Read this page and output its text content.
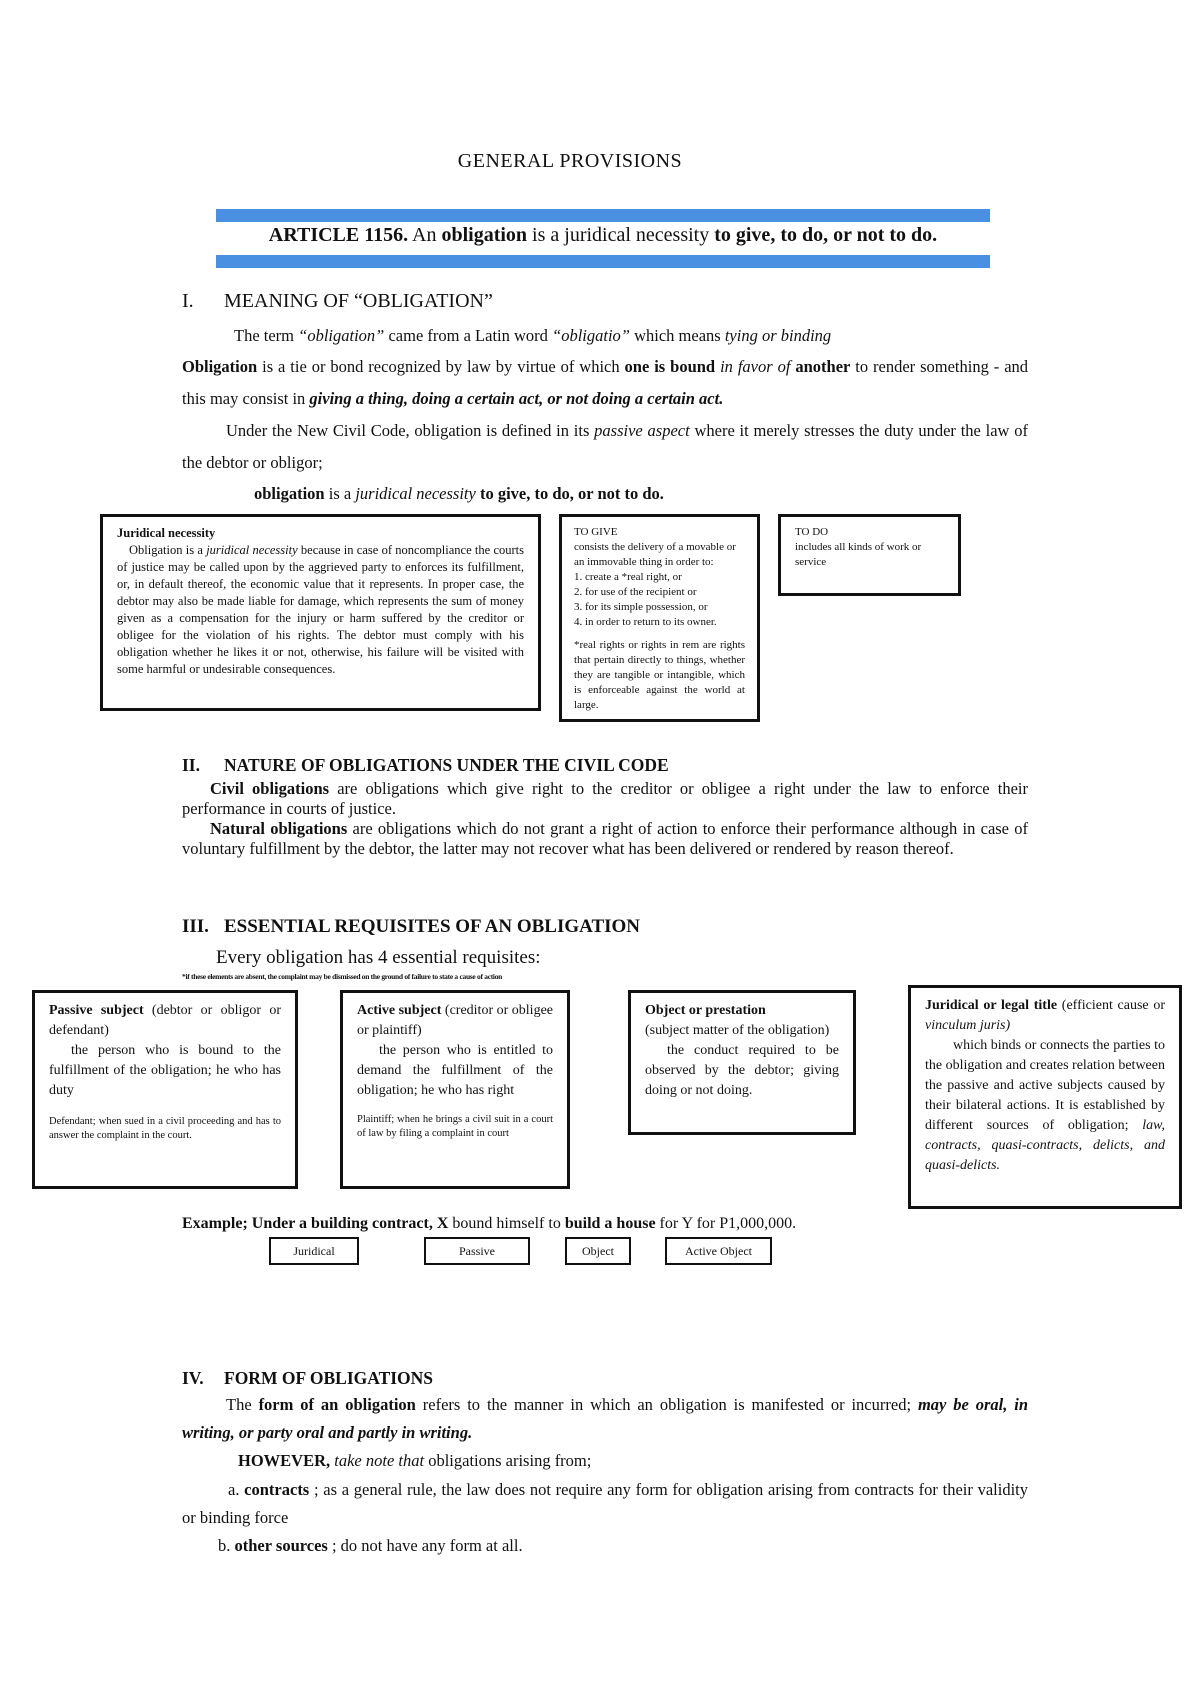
GENERAL PROVISIONS
ARTICLE 1156. An obligation is a juridical necessity to give, to do, or not to do.
I. MEANING OF “OBLIGATION”
The term “obligation” came from a Latin word “obligatio” which means tying or binding
Obligation is a tie or bond recognized by law by virtue of which one is bound in favor of another to render something - and this may consist in giving a thing, doing a certain act, or not doing a certain act.
Under the New Civil Code, obligation is defined in its passive aspect where it merely stresses the duty under the law of the debtor or obligor;
obligation is a juridical necessity to give, to do, or not to do.

Juridical necessity

Obligation is a juridical necessity because in case of noncompliance the courts of justice may be called upon by the aggrieved party to enforces its fulfillment, or, in default thereof, the economic value that it represents. In proper case, the debtor may also be made liable for damage, which represents the sum of money given as a compensation for the injury or harm suffered by the creditor or obligee for the violation of his rights. The debtor must comply with his obligation whether he likes it or not, otherwise, his failure will be visited with some harmful or undesirable consequences.

TO GIVE

consists the delivery of a movable or an immovable thing in order to:

1. create a *real right, or

2. for use of the recipient or

3. for its simple possession, or

4. in order to return to its owner.

*real rights or rights in rem are rights that pertain directly to things, whether they are tangible or intangible, which is enforceable against the world at large.

TO DO

includes all kinds of work or service

II. NATURE OF OBLIGATIONS UNDER THE CIVIL CODE
Civil obligations are obligations which give right to the creditor or obligee a right under the law to enforce their performance in courts of justice.
Natural obligations are obligations which do not grant a right of action to enforce their performance although in case of voluntary fulfillment by the debtor, the latter may not recover what has been delivered or rendered by reason thereof.
III. ESSENTIAL REQUISITES OF AN OBLIGATION
Every obligation has 4 essential requisites:
*if these elements are absent, the complaint may be dismissed on the ground of failure to state a cause of action

Passive subject (debtor or obligor or defendant)

the person who is bound to the fulfillment of the obligation; he who has duty

Defendant; when sued in a civil proceeding and has to answer the complaint in the court.

Active subject (creditor or obligee or plaintiff)

the person who is entitled to demand the fulfillment of the obligation; he who has right

Plaintiff; when he brings a civil suit in a court of law by filing a complaint in court

Object or prestation

(subject matter of the obligation)

the conduct required to be observed by the debtor; giving doing or not doing.

Juridical or legal title (efficient cause or vinculum juris)

which binds or connects the parties to the obligation and creates relation between the passive and active subjects caused by their bilateral actions. It is established by different sources of obligation; law, contracts, quasi-contracts, delicts, and quasi-delicts.

Example; Under a building contract, X bound himself to build a house for Y for P1,000,000.
Juridical	Passive	Object	Active Object
IV. FORM OF OBLIGATIONS
The form of an obligation refers to the manner in which an obligation is manifested or incurred; may be oral, in writing, or party oral and partly in writing.
HOWEVER, take note that obligations arising from;
a. contracts ; as a general rule, the law does not require any form for obligation arising from contracts for their validity or binding force
b. other sources ; do not have any form at all.
